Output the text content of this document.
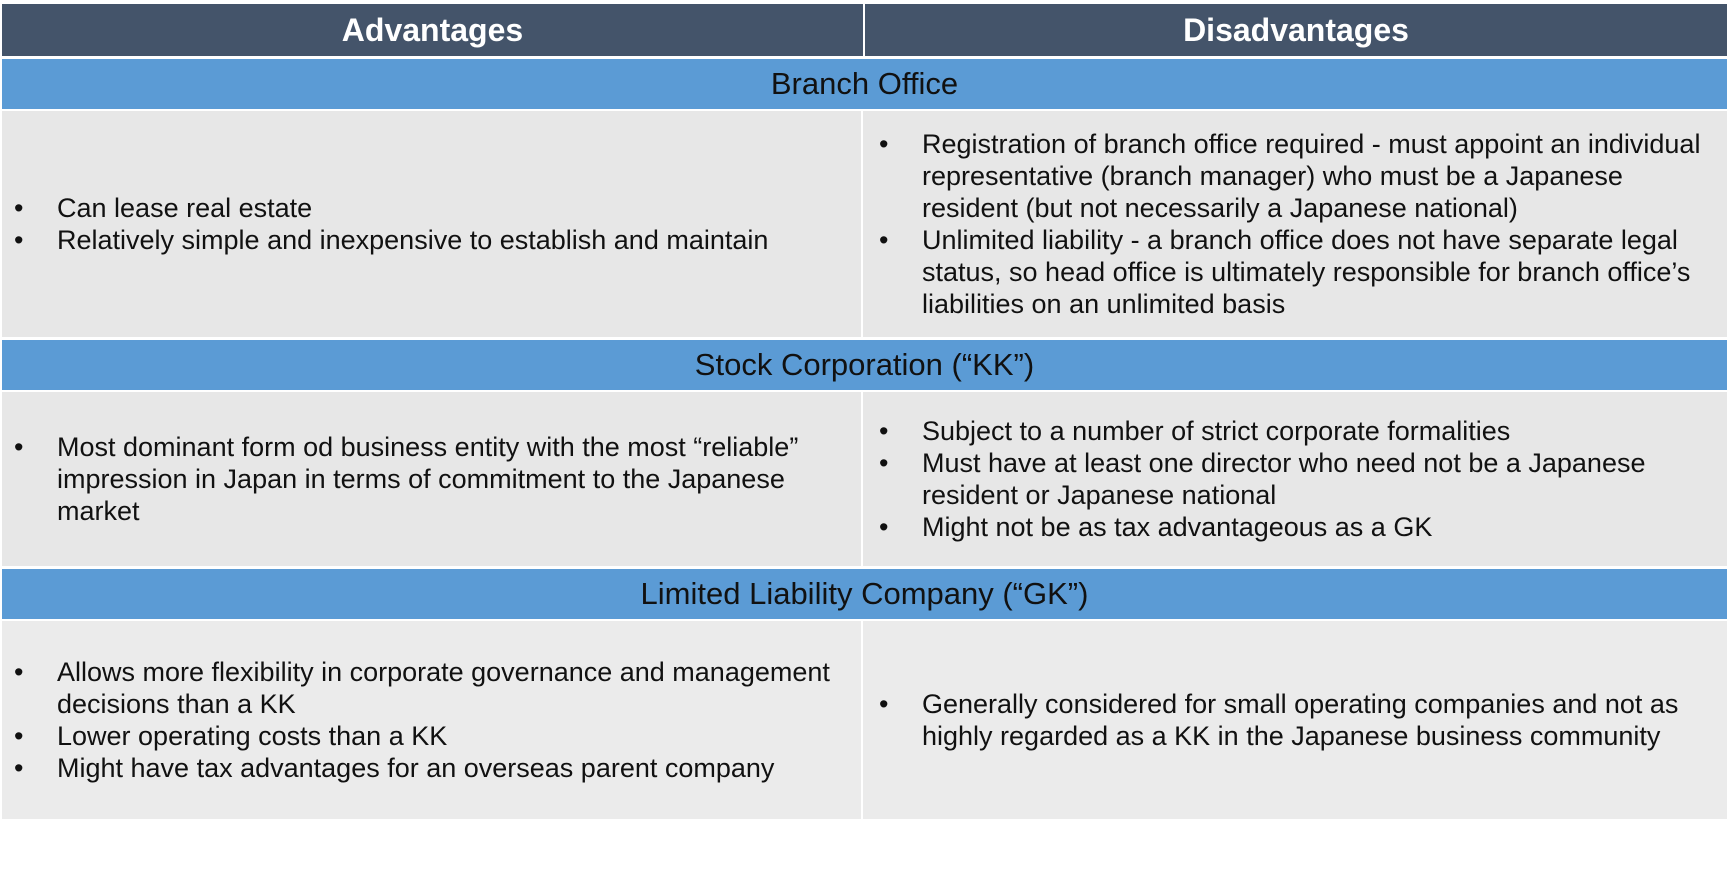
Advantages	Disadvantages
Branch Office
• Can lease real estate
• Relatively simple and inexpensive to establish and maintain
• Registration of branch office required - must appoint an individual representative (branch manager) who must be a Japanese resident (but not necessarily a Japanese national)
• Unlimited liability - a branch office does not have separate legal status, so head office is ultimately responsible for branch office’s liabilities on an unlimited basis
Stock Corporation (“KK”)
• Most dominant form od business entity with the most “reliable” impression in Japan in terms of commitment to the Japanese market
• Subject to a number of strict corporate formalities
• Must have at least one director who need not be a Japanese resident or Japanese national
• Might not be as tax advantageous as a GK
Limited Liability Company (“GK”)
• Allows more flexibility in corporate governance and management decisions than a KK
• Lower operating costs than a KK
• Might have tax advantages for an overseas parent company
• Generally considered for small operating companies and not as highly regarded as a KK in the Japanese business community
